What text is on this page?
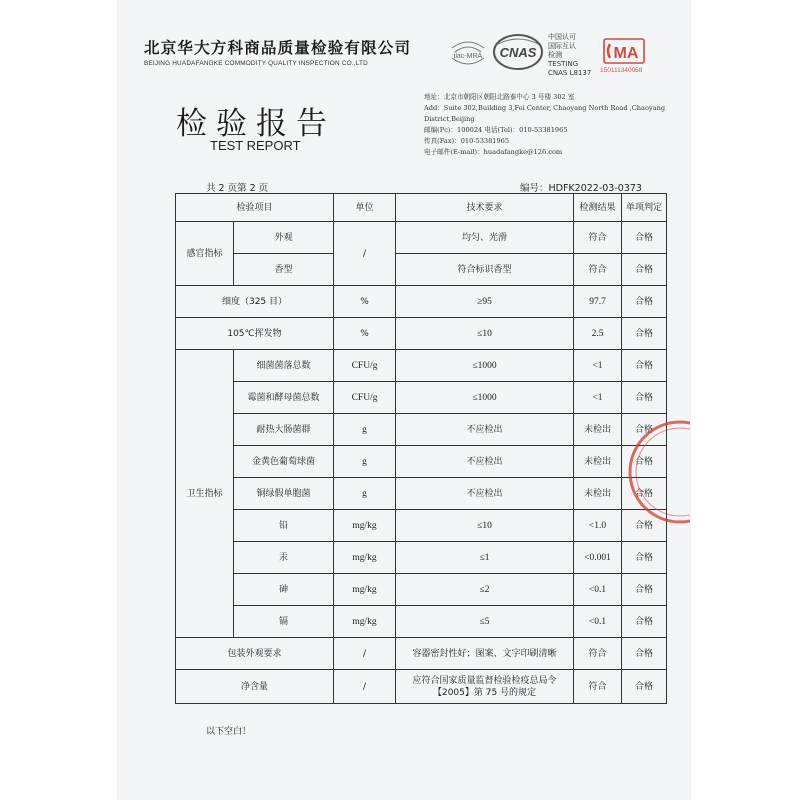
北京华大方科商品质量检验有限公司
BEIJING HUADAFANGKE COMMODITY QUALITY INSPECTION CO.,LTD
ilac-MRA CNAS
中国认可
国际互认
检测
TESTING
CNAS L8137
MA
150111340058
检验报告
TEST REPORT
地址：北京市朝阳区朝阳北路泰中心 3 号楼 302 室
Add：Suite 302,Building 3,Fei Center, Chaoyang North Road ,Chaoyang District,Beijing
邮编(Pc)：100024 电话(Tel)：010-53381965
传真(Fax)：010-53381965
电子邮件(E-mail)：huadafangke@126.com
共 2 页第 2 页	编号：HDFK2022-03-0373
检验项目		单位	技术要求	检测结果	单项判定
感官指标	外观	/	均匀、光滑	符合	合格
	香型		符合标识香型	符合	合格
细度（325 目）		%	≥95	97.7	合格
105℃挥发物		%	≤10	2.5	合格
卫生指标	细菌菌落总数	CFU/g	≤1000	<1	合格
	霉菌和酵母菌总数	CFU/g	≤1000	<1	合格
	耐热大肠菌群	g	不应检出	未检出	合格
	金黄色葡萄球菌	g	不应检出	未检出	合格
	铜绿假单胞菌	g	不应检出	未检出	合格
	铅	mg/kg	≤10	<1.0	合格
	汞	mg/kg	≤1	<0.001	合格
	砷	mg/kg	≤2	<0.1	合格
	镉	mg/kg	≤5	<0.1	合格
包装外观要求		/	容器密封性好；图案、文字印刷清晰	符合	合格
净含量		/	应符合国家质量监督检验检疫总局令【2005】第 75 号的规定	符合	合格
以下空白！
